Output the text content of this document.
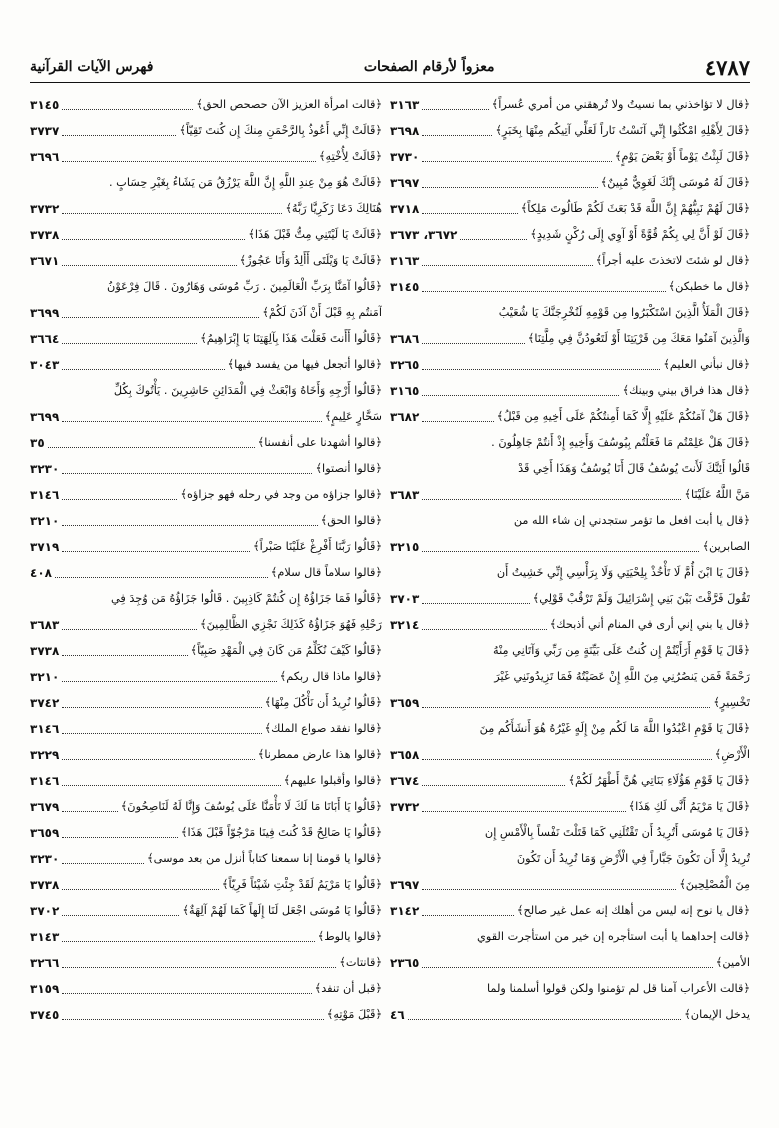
٤٧٨٧
معزواً لأرقام الصفحات
فهرس الآيات القرآنية
﴿قال لا تؤاخذني بما نسيتُ ولا تُرهقني من أمري عُسراً﴾
٣١٦٣
﴿قَالَ لِأَهْلِهِ امْكُثُوا إِنِّي آنَسْتُ نَاراً لَعَلِّي آتِيكُم مِنْهَا بِخَبَرٍ﴾
٣٦٩٨
﴿قَالَ لَبِثْتُ يَوْماً أَوْ بَعْضَ يَوْمٍ﴾
٣٧٣٠
﴿قَالَ لَهُ مُوسَى إِنَّكَ لَغَوِيٌّ مُبِينٌ﴾
٣٦٩٧
﴿قَالَ لَهُمْ نَبِيُّهُمْ إِنَّ اللَّهَ قَدْ بَعَثَ لَكُمْ طَالُوتَ مَلِكاً﴾
٣٧١٨
﴿قَالَ لَوْ أَنَّ لِي بِكُمْ قُوَّةً أَوْ آوِي إِلَى رُكْنٍ شَدِيدٍ﴾
٣٦٧٢، ٣٦٧٣
﴿قال لو شئتَ لاتخذتَ عليه أجراً﴾
٣١٦٣
﴿قال ما خطبكن﴾
٣١٤٥
﴿قَالَ الْمَلَأُ الَّذِينَ اسْتَكْبَرُوا مِن قَوْمِهِ لَنُخْرِجَنَّكَ يَا شُعَيْبُ
وَالَّذِينَ آمَنُوا مَعَكَ مِن قَرْيَتِنَا أَوْ لَتَعُودُنَّ فِي مِلَّتِنَا﴾
٣٦٨٦
﴿قال نبأني العليم﴾
٣٢٦٥
﴿قال هذا فراق بيني وبينك﴾
٣١٦٥
﴿قَالَ هَلْ آمَنُكُمْ عَلَيْهِ إِلَّا كَمَا أَمِنتُكُمْ عَلَى أَخِيهِ مِن قَبْلُ﴾
٣٦٨٢
﴿قَالَ هَلْ عَلِمْتُم مَا فَعَلْتُم بِيُوسُفَ وَأَخِيهِ إِذْ أَنتُمْ جَاهِلُونَ .
قَالُوا أَئِنَّكَ لَأَنتَ يُوسُفُ قَالَ أَنَا يُوسُفُ وَهَذَا أَخِي قَدْ
مَنَّ اللَّهُ عَلَيْنَا﴾
٣٦٨٣
﴿قال يا أبت افعل ما تؤمر ستجدني إن شاء الله من
الصابرين﴾
٣٢١٥
﴿قَالَ يَا ابْنَ أُمَّ لَا تَأْخُذْ بِلِحْيَتِي وَلَا بِرَأْسِي إِنِّي خَشِيتُ أَن
تَقُولَ فَرَّقْتَ بَيْنَ بَنِي إِسْرَائِيلَ وَلَمْ تَرْقُبْ قَوْلِي﴾
٣٧٠٣
﴿قال يا بني إني أرى في المنام أني أذبحك﴾
٣٢١٤
﴿قَالَ يَا قَوْمِ أَرَأَيْتُمْ إِن كُنتُ عَلَى بَيِّنَةٍ مِن رَبِّي وَآتَانِي مِنْهُ
رَحْمَةً فَمَن يَنصُرُنِي مِنَ اللَّهِ إِنْ عَصَيْتُهُ فَمَا تَزِيدُونَنِي غَيْرَ
تَخْسِيرٍ﴾
٣٦٥٩
﴿قَالَ يَا قَوْمِ اعْبُدُوا اللَّهَ مَا لَكُم مِنْ إِلَهٍ غَيْرُهُ هُوَ أَنشَأَكُم مِنَ
الْأَرْضِ﴾
٣٦٥٨
﴿قَالَ يَا قَوْمِ هَؤُلَاءِ بَنَاتِي هُنَّ أَطْهَرُ لَكُمْ﴾
٣٦٧٤
﴿قَالَ يَا مَرْيَمُ أَنَّى لَكِ هَذَا﴾
٣٧٣٢
﴿قَالَ يَا مُوسَى أَتُرِيدُ أَن تَقْتُلَنِي كَمَا قَتَلْتَ نَفْساً بِالْأَمْسِ إِن
تُرِيدُ إِلَّا أَن تَكُونَ جَبَّاراً فِي الْأَرْضِ وَمَا تُرِيدُ أَن تَكُونَ
مِنَ الْمُصْلِحِينَ﴾
٣٦٩٧
﴿قال يا نوح إنه ليس من أهلك إنه عمل غير صالح﴾
٣١٤٢
﴿قالت إحداهما يا أبت استأجره إن خير من استأجرت القوي
الأمين﴾
٢٣٦٥
﴿قالت الأعراب آمنا قل لم تؤمنوا ولكن قولوا أسلمنا ولما
يدخل الإيمان﴾
٤٦
﴿قالت امرأة العزيز الآن حصحص الحق﴾
٣١٤٥
﴿قَالَتْ إِنِّي أَعُوذُ بِالرَّحْمَنِ مِنكَ إِن كُنتَ تَقِيّاً﴾
٣٧٣٧
﴿قَالَتْ لِأُخْتِهِ﴾
٣٦٩٦
﴿قَالَتْ هُوَ مِنْ عِندِ اللَّهِ إِنَّ اللَّهَ يَرْزُقُ مَن يَشَاءُ بِغَيْرِ حِسَابٍ .
هُنَالِكَ دَعَا زَكَرِيَّا رَبَّهُ﴾
٣٧٣٢
﴿قَالَتْ يَا لَيْتَنِي مِتُّ قَبْلَ هَذَا﴾
٣٧٣٨
﴿قَالَتْ يَا وَيْلَتَى أَأَلِدُ وَأَنَا عَجُوزٌ﴾
٣٦٧١
﴿قَالُوا آمَنَّا بِرَبِّ الْعَالَمِينَ . رَبِّ مُوسَى وَهَارُونَ . قَالَ فِرْعَوْنُ
آمَنتُم بِهِ قَبْلَ أَنْ آذَنَ لَكُمْ﴾
٣٦٩٩
﴿قَالُوا أَأَنتَ فَعَلْتَ هَذَا بِآلِهَتِنَا يَا إِبْرَاهِيمُ﴾
٣٦٦٤
﴿قالوا أتجعل فيها من يفسد فيها﴾
٣٠٤٣
﴿قَالُوا أَرْجِهِ وَأَخَاهُ وَابْعَثْ فِي الْمَدَائِنِ حَاشِرِينَ . يَأْتُوكَ بِكُلِّ
سَحَّارٍ عَلِيمٍ﴾
٣٦٩٩
﴿قالوا أشهدنا على أنفسنا﴾
٣٥
﴿قالوا أنصتوا﴾
٣٢٣٠
﴿قالوا جزاؤه من وجد في رحله فهو جزاؤه﴾
٣١٤٦
﴿قالوا الحق﴾
٣٢١٠
﴿قَالُوا رَبَّنَا أَفْرِغْ عَلَيْنَا صَبْراً﴾
٣٧١٩
﴿قالوا سلاماً قال سلام﴾
٤٠٨
﴿قَالُوا فَمَا جَزَاؤُهُ إِن كُنتُمْ كَاذِبِينَ . قَالُوا جَزَاؤُهُ مَن وُجِدَ فِي
رَحْلِهِ فَهُوَ جَزَاؤُهُ كَذَلِكَ نَجْزِي الظَّالِمِينَ﴾
٣٦٨٣
﴿قَالُوا كَيْفَ نُكَلِّمُ مَن كَانَ فِي الْمَهْدِ صَبِيّاً﴾
٣٧٣٨
﴿قالوا ماذا قال ربكم﴾
٣٢١٠
﴿قَالُوا نُرِيدُ أَن نَأْكُلَ مِنْهَا﴾
٣٧٤٢
﴿قالوا نفقد صواع الملك﴾
٣١٤٦
﴿قالوا هذا عارض ممطرنا﴾
٣٢٢٩
﴿قالوا وأقبلوا عليهم﴾
٣١٤٦
﴿قَالُوا يَا أَبَانَا مَا لَكَ لَا تَأْمَنَّا عَلَى يُوسُفَ وَإِنَّا لَهُ لَنَاصِحُونَ﴾
٣٦٧٩
﴿قَالُوا يَا صَالِحُ قَدْ كُنتَ فِينَا مَرْجُوّاً قَبْلَ هَذَا﴾
٣٦٥٩
﴿قالوا يا قومنا إنا سمعنا كتاباً أنزل من بعد موسى﴾
٣٢٣٠
﴿قَالُوا يَا مَرْيَمُ لَقَدْ جِئْتِ شَيْئاً فَرِيّاً﴾
٣٧٣٨
﴿قَالُوا يَا مُوسَى اجْعَل لَنَا إِلَهاً كَمَا لَهُمْ آلِهَةٌ﴾
٣٧٠٢
﴿قالوا يالوط﴾
٣١٤٣
﴿قانتات﴾
٣٢٦٦
﴿قبل أن تنفد﴾
٣١٥٩
﴿قَبْلَ مَوْتِهِ﴾
٣٧٤٥
